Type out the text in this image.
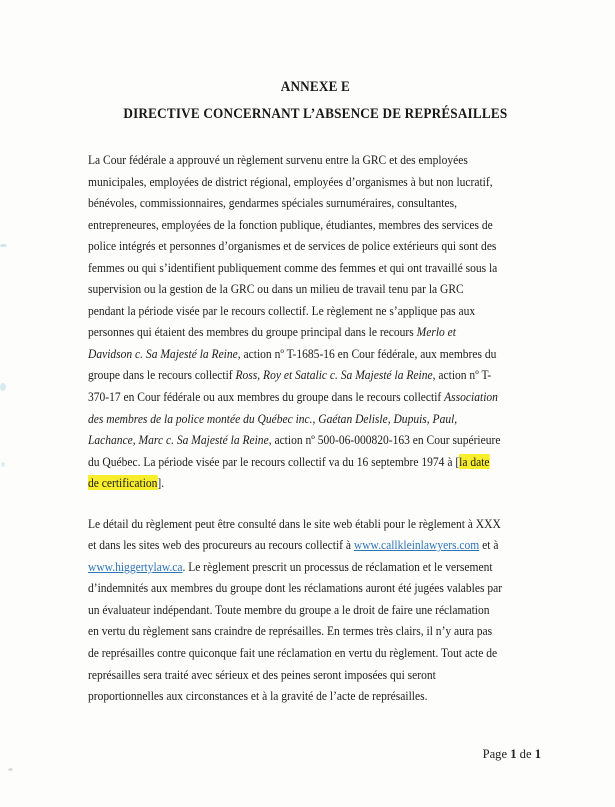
ANNEXE E

DIRECTIVE CONCERNANT L’ABSENCE DE REPRÉSAILLES

La Cour fédérale a approuvé un règlement survenu entre la GRC et des employées
municipales, employées de district régional, employées d’organismes à but non lucratif,
bénévoles, commissionnaires, gendarmes spéciales surnuméraires, consultantes,
entrepreneures, employées de la fonction publique, étudiantes, membres des services de
police intégrés et personnes d’organismes et de services de police extérieurs qui sont des
femmes ou qui s’identifient publiquement comme des femmes et qui ont travaillé sous la
supervision ou la gestion de la GRC ou dans un milieu de travail tenu par la GRC
pendant la période visée par le recours collectif. Le règlement ne s’applique pas aux
personnes qui étaient des membres du groupe principal dans le recours Merlo et
Davidson c. Sa Majesté la Reine, action nº T-1685-16 en Cour fédérale, aux membres du
groupe dans le recours collectif Ross, Roy et Satalic c. Sa Majesté la Reine, action nº T-
370-17 en Cour fédérale ou aux membres du groupe dans le recours collectif Association
des membres de la police montée du Québec inc., Gaétan Delisle, Dupuis, Paul,
Lachance, Marc c. Sa Majesté la Reine, action nº 500-06-000820-163 en Cour supérieure
du Québec. La période visée par le recours collectif va du 16 septembre 1974 à [la date
de certification].
Le détail du règlement peut être consulté dans le site web établi pour le règlement à XXX
et dans les sites web des procureurs au recours collectif à www.callkleinlawyers.com et à
www.higgertylaw.ca. Le règlement prescrit un processus de réclamation et le versement
d’indemnités aux membres du groupe dont les réclamations auront été jugées valables par
un évaluateur indépendant. Toute membre du groupe a le droit de faire une réclamation
en vertu du règlement sans craindre de représailles. En termes très clairs, il n’y aura pas
de représailles contre quiconque fait une réclamation en vertu du règlement. Tout acte de
représailles sera traité avec sérieux et des peines seront imposées qui seront
proportionnelles aux circonstances et à la gravité de l’acte de représailles.
Page 1 de 1
